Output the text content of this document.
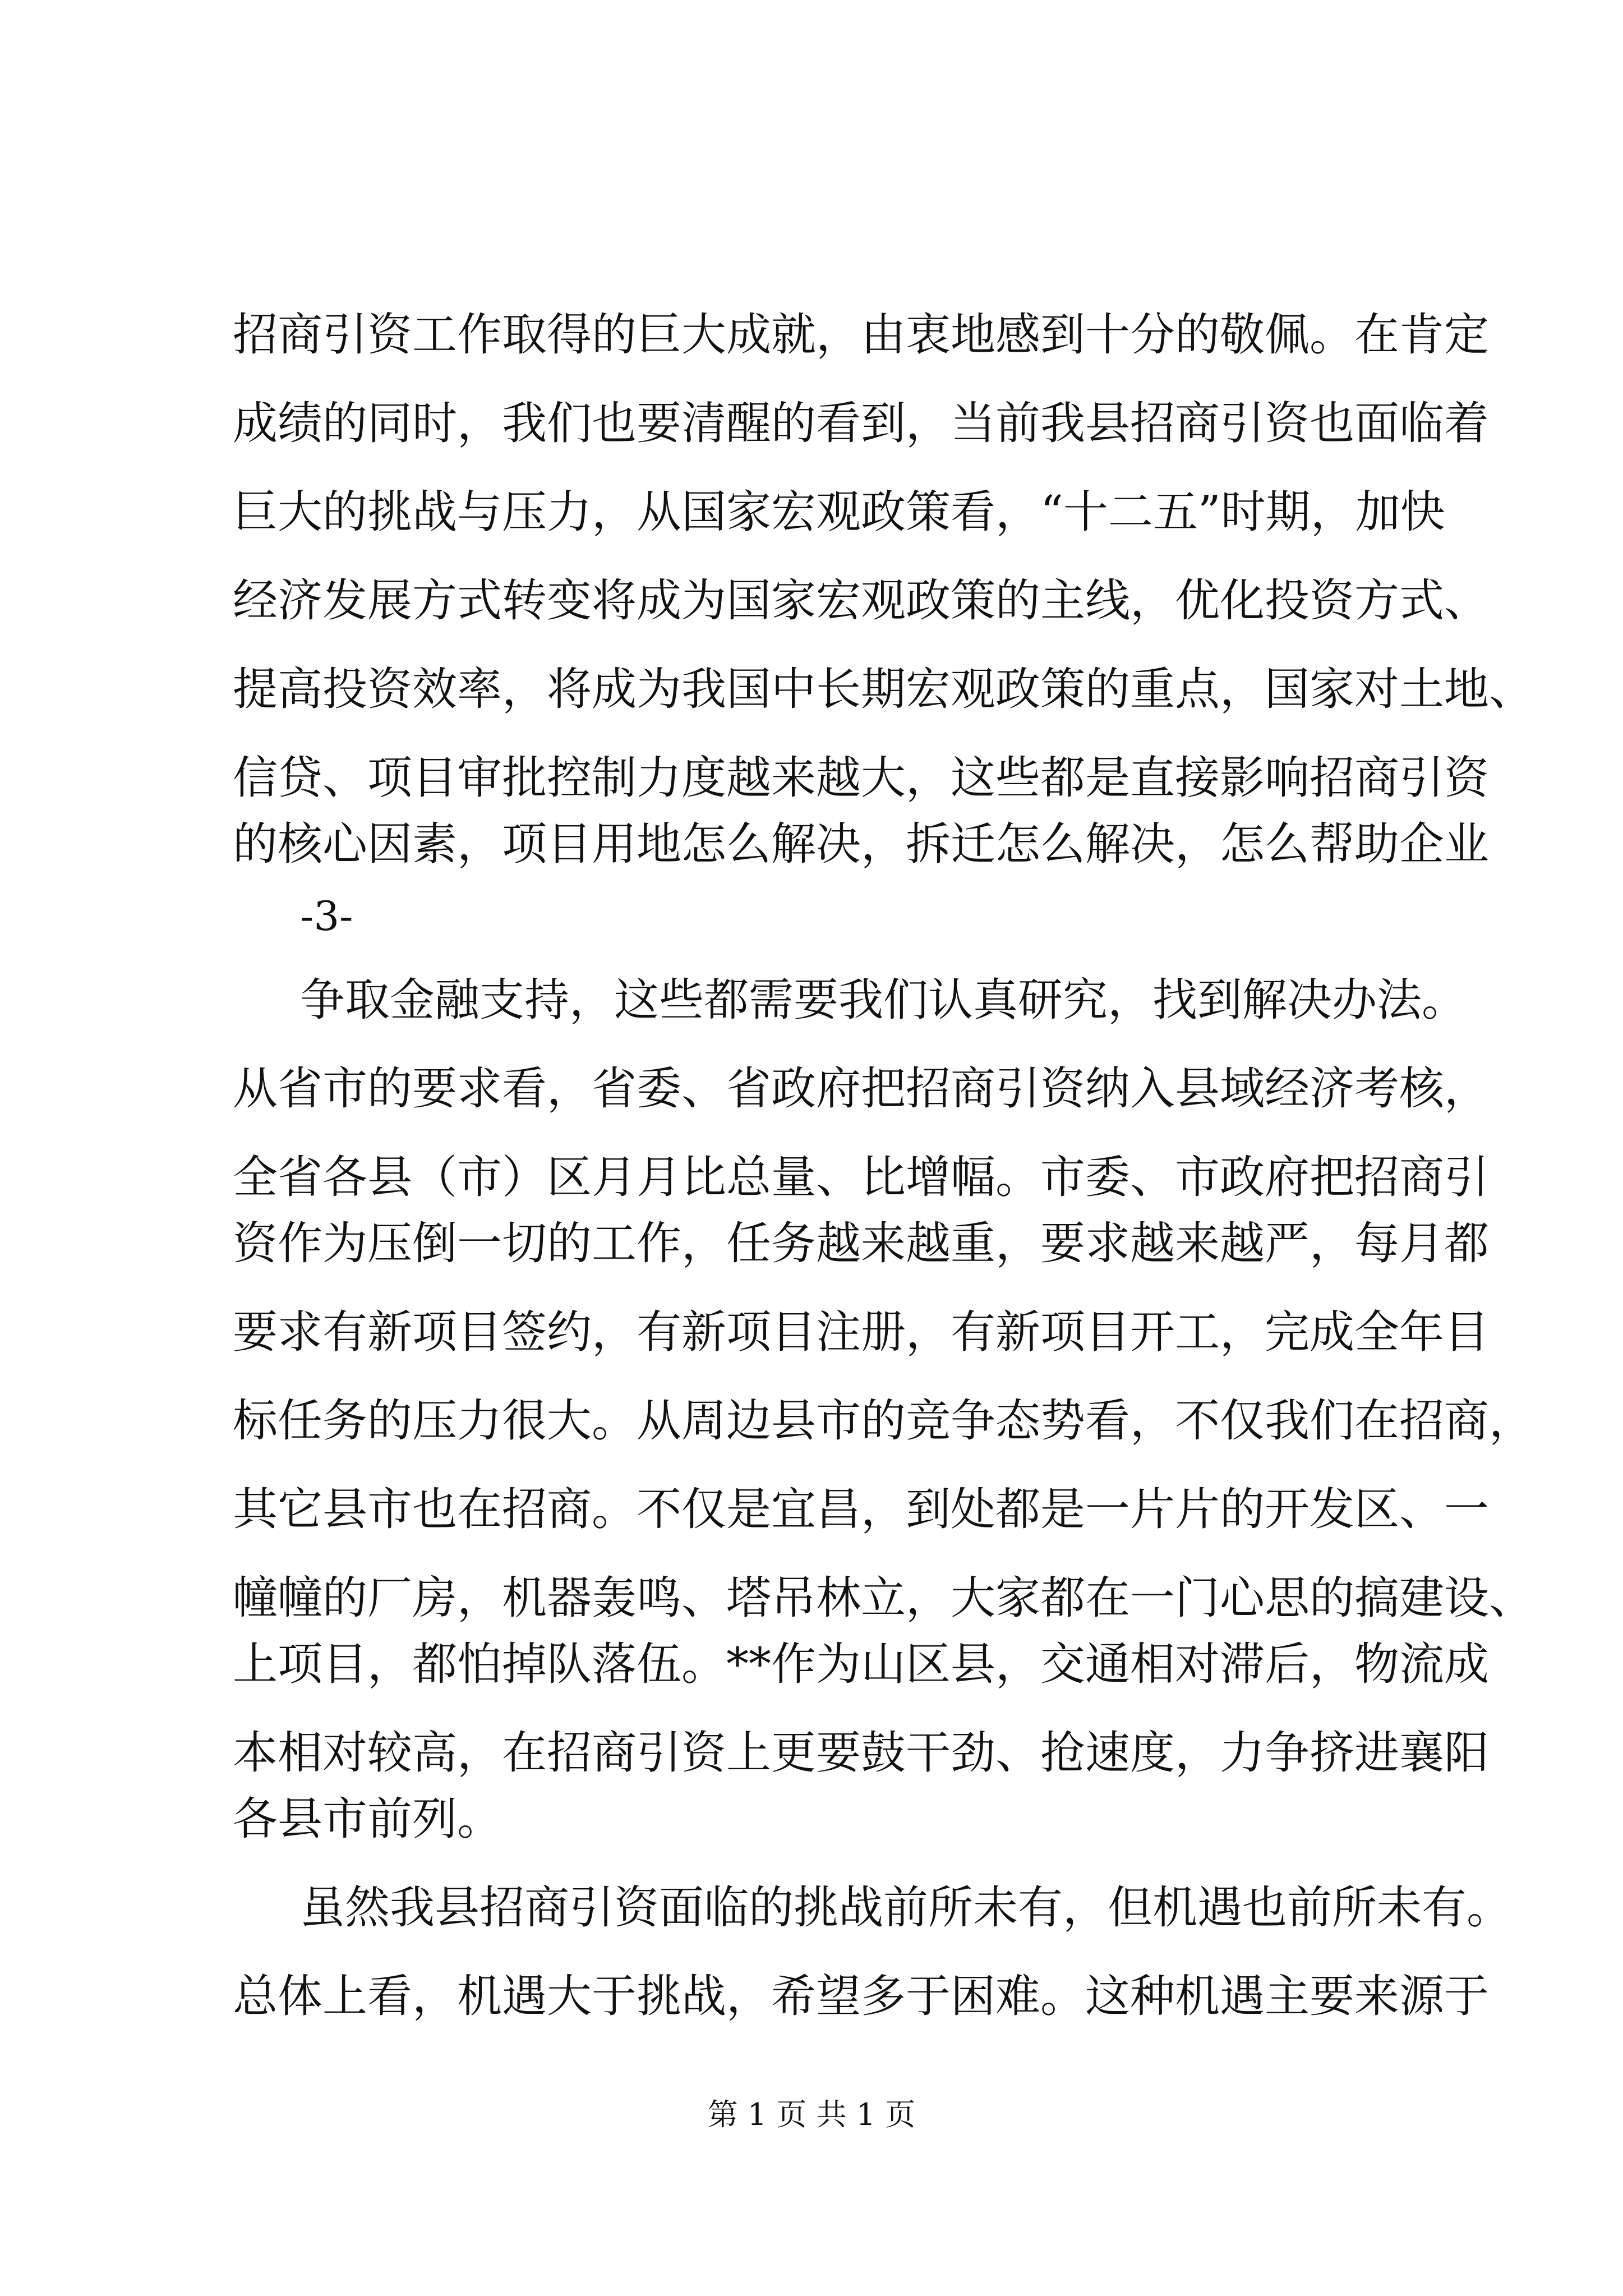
招商引资工作取得的巨大成就，由衷地感到十分的敬佩。在肯定
成绩的同时，我们也要清醒的看到，当前我县招商引资也面临着
巨大的挑战与压力，从国家宏观政策看，“十二五”时期，加快
经济发展方式转变将成为国家宏观政策的主线，优化投资方式、
提高投资效率，将成为我国中长期宏观政策的重点，国家对土地、
信贷、项目审批控制力度越来越大，这些都是直接影响招商引资
的核心因素，项目用地怎么解决，拆迁怎么解决，怎么帮助企业
-3-
争取金融支持，这些都需要我们认真研究，找到解决办法。
从省市的要求看，省委、省政府把招商引资纳入县域经济考核，
全省各县（市）区月月比总量、比增幅。市委、市政府把招商引
资作为压倒一切的工作，任务越来越重，要求越来越严，每月都
要求有新项目签约，有新项目注册，有新项目开工，完成全年目
标任务的压力很大。从周边县市的竞争态势看，不仅我们在招商，
其它县市也在招商。不仅是宜昌，到处都是一片片的开发区、一
幢幢的厂房，机器轰鸣、塔吊林立，大家都在一门心思的搞建设、
上项目，都怕掉队落伍。**作为山区县，交通相对滞后，物流成
本相对较高，在招商引资上更要鼓干劲、抢速度，力争挤进襄阳
各县市前列。
虽然我县招商引资面临的挑战前所未有，但机遇也前所未有。
总体上看，机遇大于挑战，希望多于困难。这种机遇主要来源于
第 1 页 共 1 页
